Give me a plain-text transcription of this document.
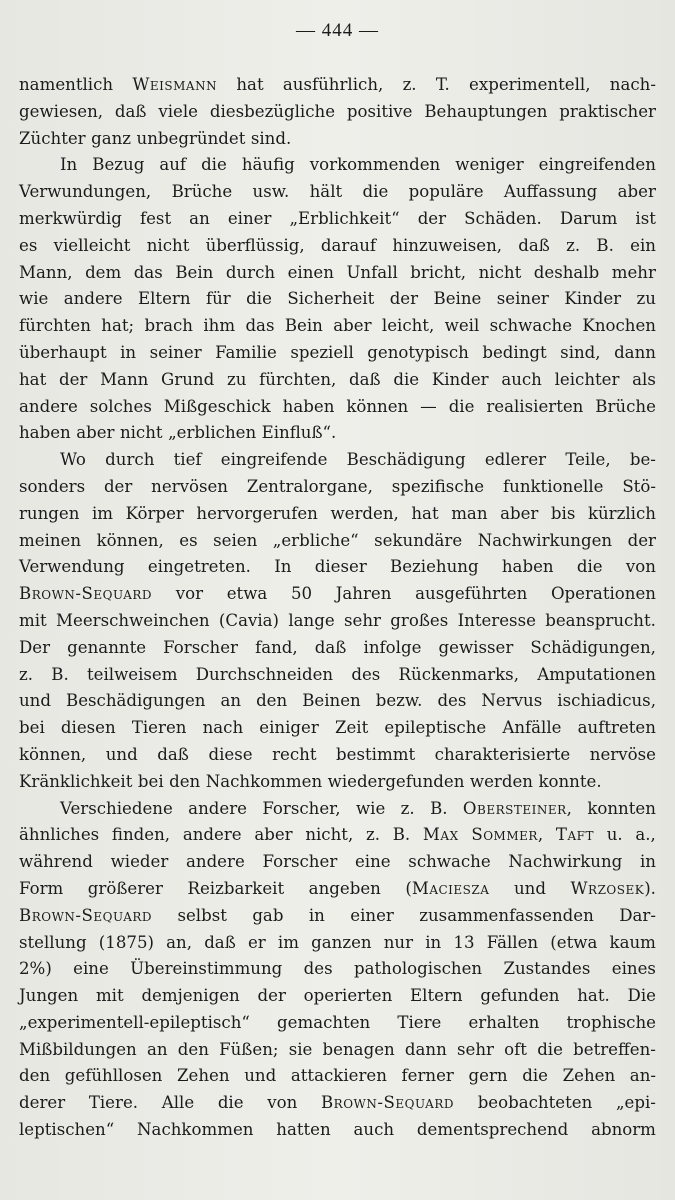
— 444 —
namentlich Weismann hat ausführlich, z. T. experimentell, nach-
gewiesen, daß viele diesbezügliche positive Behauptungen praktischer
Züchter ganz unbegründet sind.
In Bezug auf die häufig vorkommenden weniger eingreifenden
Verwundungen, Brüche usw. hält die populäre Auffassung aber
merkwürdig fest an einer „Erblichkeit“ der Schäden. Darum ist
es vielleicht nicht überflüssig, darauf hinzuweisen, daß z. B. ein
Mann, dem das Bein durch einen Unfall bricht, nicht deshalb mehr
wie andere Eltern für die Sicherheit der Beine seiner Kinder zu
fürchten hat; brach ihm das Bein aber leicht, weil schwache Knochen
überhaupt in seiner Familie speziell genotypisch bedingt sind, dann
hat der Mann Grund zu fürchten, daß die Kinder auch leichter als
andere solches Mißgeschick haben können — die realisierten Brüche
haben aber nicht „erblichen Einfluß“.
Wo durch tief eingreifende Beschädigung edlerer Teile, be-
sonders der nervösen Zentralorgane, spezifische funktionelle Stö-
rungen im Körper hervorgerufen werden, hat man aber bis kürzlich
meinen können, es seien „erbliche“ sekundäre Nachwirkungen der
Verwendung eingetreten. In dieser Beziehung haben die von
Brown-Sequard vor etwa 50 Jahren ausgeführten Operationen
mit Meerschweinchen (Cavia) lange sehr großes Interesse beansprucht.
Der genannte Forscher fand, daß infolge gewisser Schädigungen,
z. B. teilweisem Durchschneiden des Rückenmarks, Amputationen
und Beschädigungen an den Beinen bezw. des Nervus ischiadicus,
bei diesen Tieren nach einiger Zeit epileptische Anfälle auftreten
können, und daß diese recht bestimmt charakterisierte nervöse
Kränklichkeit bei den Nachkommen wiedergefunden werden konnte.
Verschiedene andere Forscher, wie z. B. Obersteiner, konnten
ähnliches finden, andere aber nicht, z. B. Max Sommer, Taft u. a.,
während wieder andere Forscher eine schwache Nachwirkung in
Form größerer Reizbarkeit angeben (Maciesza und Wrzosek).
Brown-Sequard selbst gab in einer zusammenfassenden Dar-
stellung (1875) an, daß er im ganzen nur in 13 Fällen (etwa kaum
2%) eine Übereinstimmung des pathologischen Zustandes eines
Jungen mit demjenigen der operierten Eltern gefunden hat. Die
„experimentell-epileptisch“ gemachten Tiere erhalten trophische
Mißbildungen an den Füßen; sie benagen dann sehr oft die betreffen-
den gefühllosen Zehen und attackieren ferner gern die Zehen an-
derer Tiere. Alle die von Brown-Sequard beobachteten „epi-
leptischen“ Nachkommen hatten auch dementsprechend abnorm
